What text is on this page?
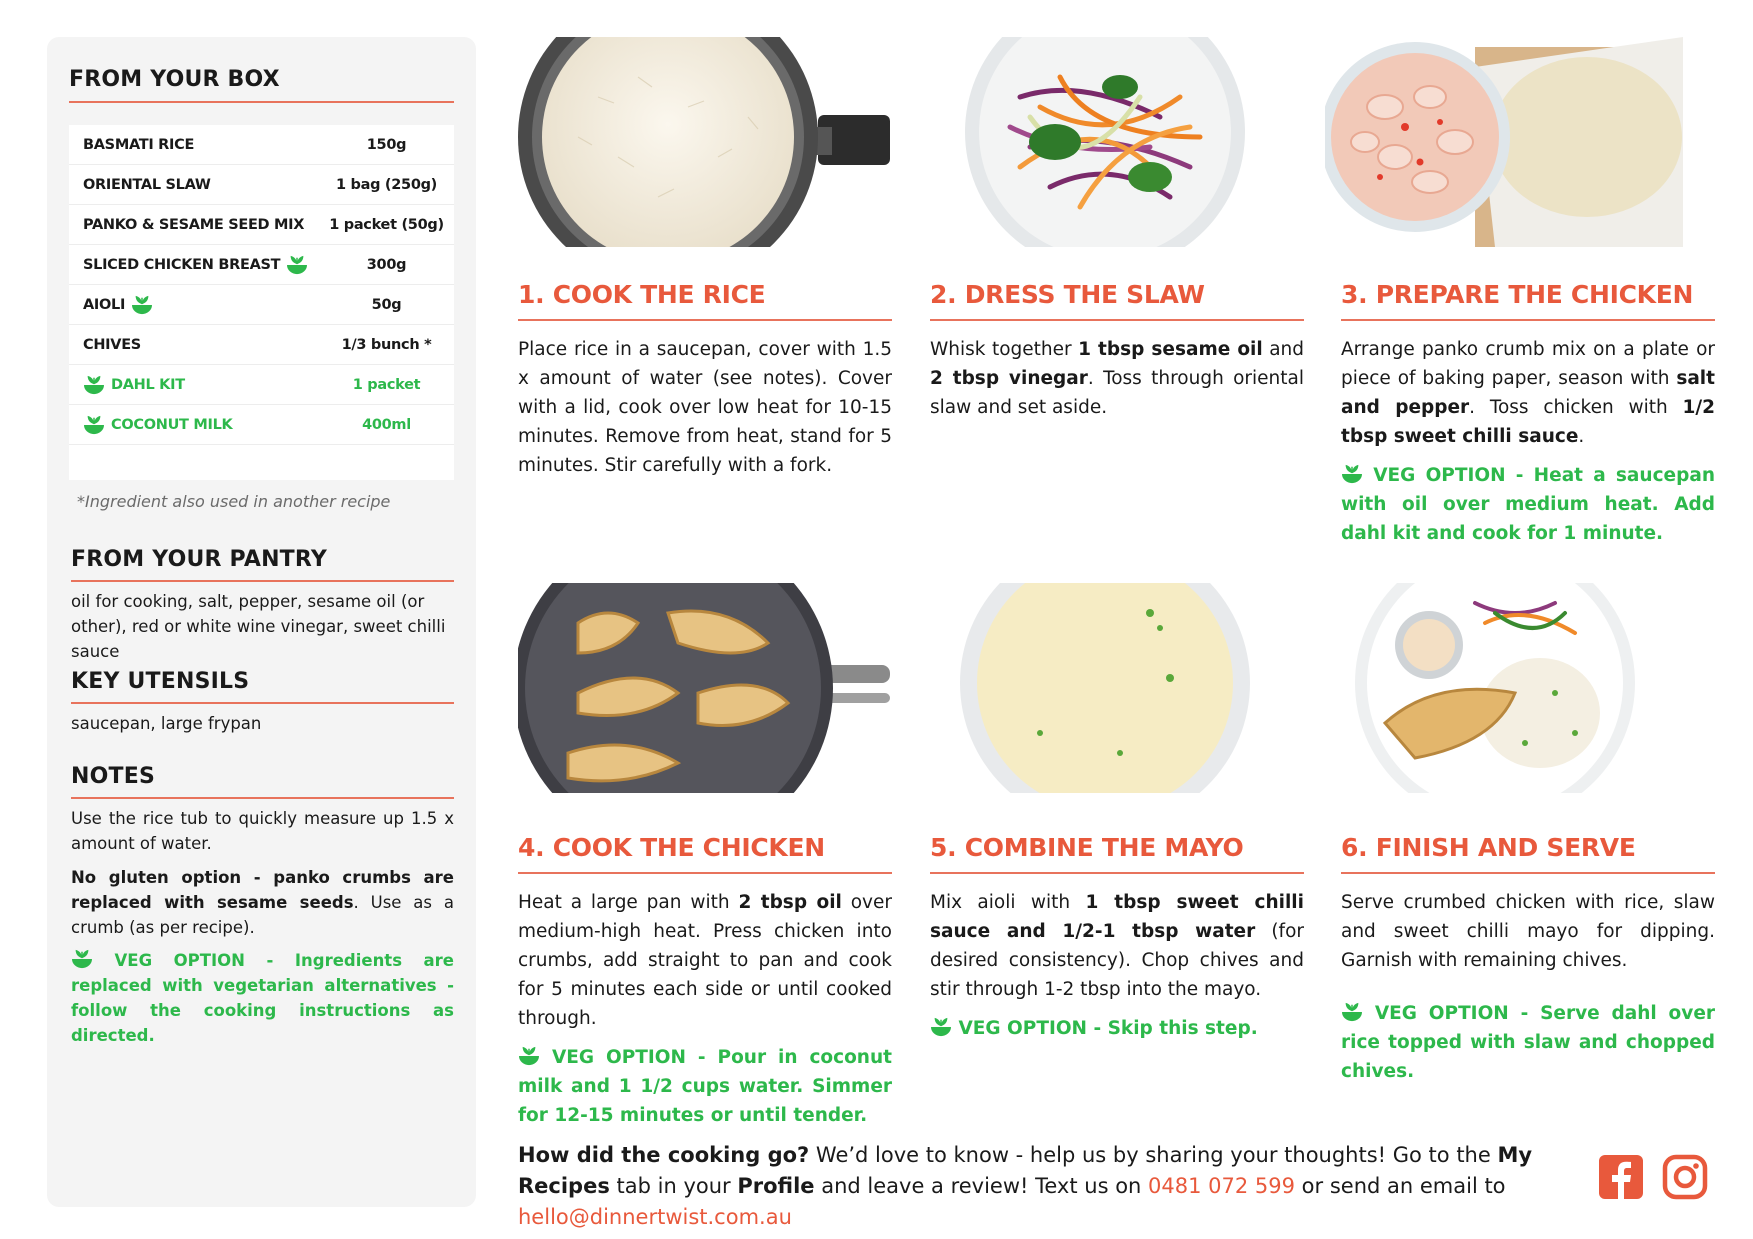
FROM YOUR BOX
BASMATI RICE	150g
ORIENTAL SLAW	1 bag (250g)
PANKO & SESAME SEED MIX	1 packet (50g)
SLICED CHICKEN BREAST	300g
AIOLI	50g
CHIVES	1/3 bunch *
DAHL KIT	1 packet
COCONUT MILK	400ml
*Ingredient also used in another recipe
FROM YOUR PANTRY
oil for cooking, salt, pepper, sesame oil (or other), red or white wine vinegar, sweet chilli sauce
KEY UTENSILS
saucepan, large frypan
NOTES
Use the rice tub to quickly measure up 1.5 x amount of water.
No gluten option - panko crumbs are replaced with sesame seeds. Use as a crumb (as per recipe).
VEG OPTION - Ingredients are replaced with vegetarian alternatives - follow the cooking instructions as directed.
1. COOK THE RICE
Place rice in a saucepan, cover with 1.5 x amount of water (see notes). Cover with a lid, cook over low heat for 10-15 minutes. Remove from heat, stand for 5 minutes. Stir carefully with a fork.
2. DRESS THE SLAW
Whisk together 1 tbsp sesame oil and 2 tbsp vinegar. Toss through oriental slaw and set aside.
3. PREPARE THE CHICKEN
Arrange panko crumb mix on a plate or piece of baking paper, season with salt and pepper. Toss chicken with 1/2 tbsp sweet chilli sauce.
VEG OPTION - Heat a saucepan with oil over medium heat. Add dahl kit and cook for 1 minute.
4. COOK THE CHICKEN
Heat a large pan with 2 tbsp oil over medium-high heat. Press chicken into crumbs, add straight to pan and cook for 5 minutes each side or until cooked through.
VEG OPTION - Pour in coconut milk and 1 1/2 cups water. Simmer for 12-15 minutes or until tender.
5. COMBINE THE MAYO
Mix aioli with 1 tbsp sweet chilli sauce and 1/2-1 tbsp water (for desired consistency). Chop chives and stir through 1-2 tbsp into the mayo.
VEG OPTION - Skip this step.
6. FINISH AND SERVE
Serve crumbed chicken with rice, slaw and sweet chilli mayo for dipping. Garnish with remaining chives.
VEG OPTION - Serve dahl over rice topped with slaw and chopped chives.
How did the cooking go? We’d love to know - help us by sharing your thoughts! Go to the My Recipes tab in your Profile and leave a review! Text us on 0481 072 599 or send an email to hello@dinnertwist.com.au
